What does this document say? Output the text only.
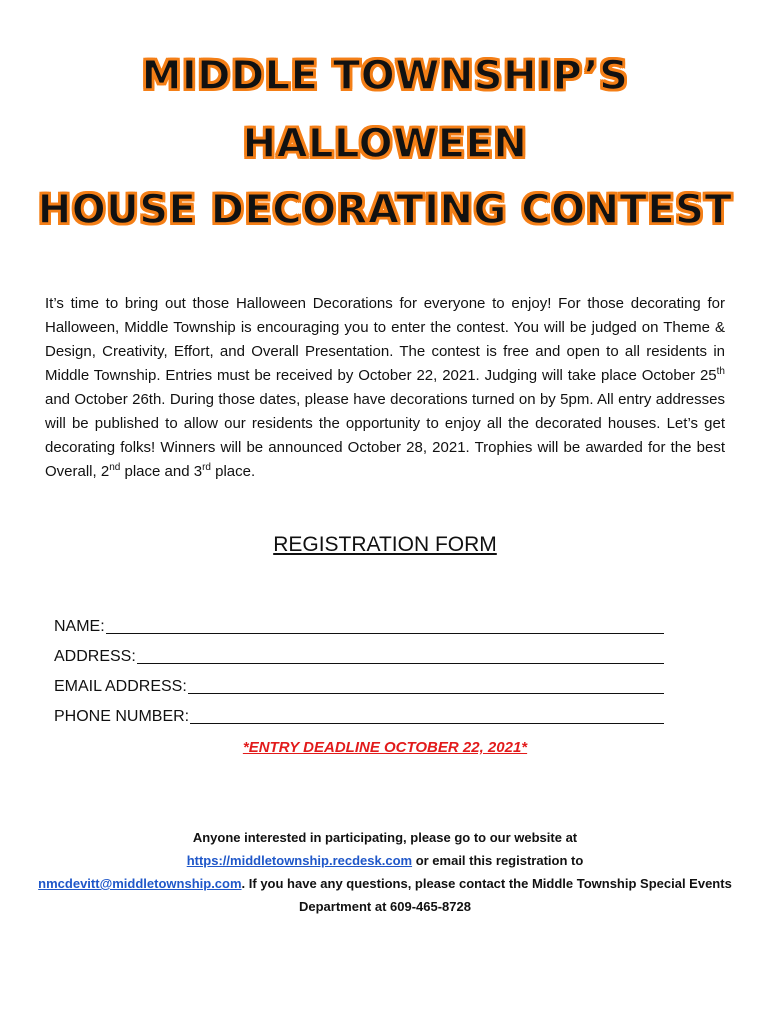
MIDDLE TOWNSHIP’S
HALLOWEEN
HOUSE DECORATING CONTEST
It’s time to bring out those Halloween Decorations for everyone to enjoy! For those decorating for Halloween, Middle Township is encouraging you to enter the contest. You will be judged on Theme & Design, Creativity, Effort, and Overall Presentation. The contest is free and open to all residents in Middle Township. Entries must be received by October 22, 2021. Judging will take place October 25th and October 26th. During those dates, please have decorations turned on by 5pm. All entry addresses will be published to allow our residents the opportunity to enjoy all the decorated houses. Let’s get decorating folks! Winners will be announced October 28, 2021. Trophies will be awarded for the best Overall, 2nd place and 3rd place.
REGISTRATION FORM
NAME:
ADDRESS:
EMAIL ADDRESS:
PHONE NUMBER:
*ENTRY DEADLINE OCTOBER 22, 2021*
Anyone interested in participating, please go to our website at
https://middletownship.recdesk.com or email this registration to
nmcdevitt@middletownship.com. If you have any questions, please contact the Middle Township Special Events Department at 609-465-8728
